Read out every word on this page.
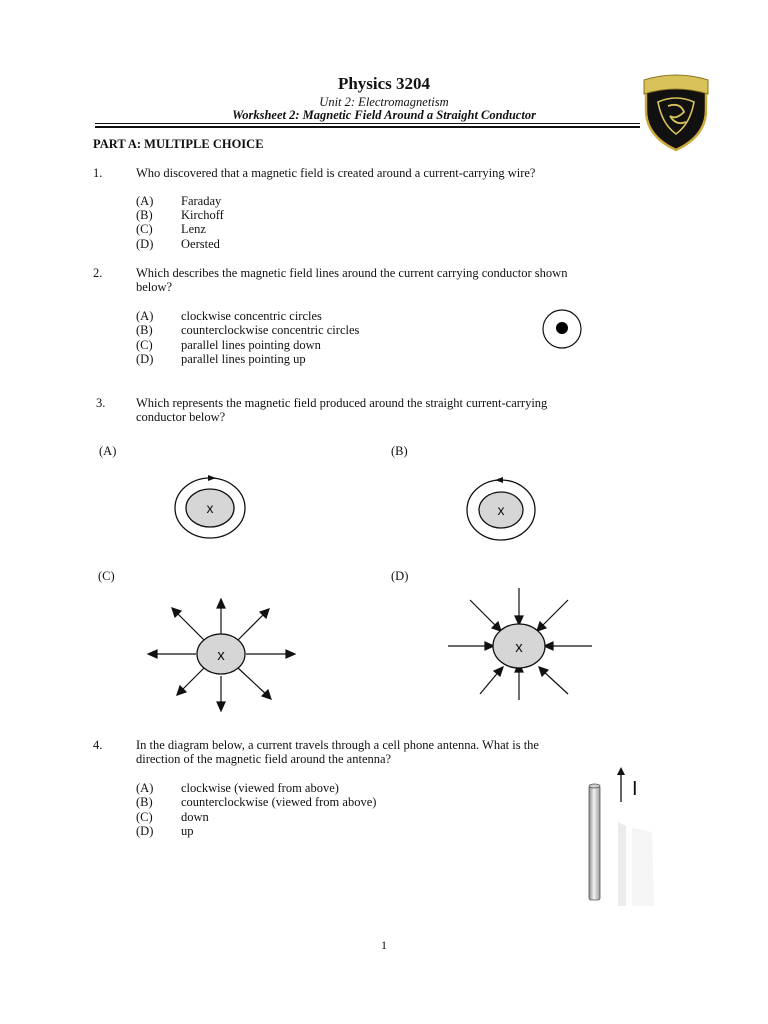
Physics 3204
Unit 2: Electromagnetism
Worksheet 2: Magnetic Field Around a Straight Conductor
PART A: MULTIPLE CHOICE
1.	Who discovered that a magnetic field is created around a current-carrying wire?
(A) Faraday
(B) Kirchoff
(C) Lenz
(D) Oersted
2.	Which describes the magnetic field lines around the current carrying conductor shown
below?
(A) clockwise concentric circles
(B) counterclockwise concentric circles
(C) parallel lines pointing down
(D) parallel lines pointing up
3. Which represents the magnetic field produced around the straight current-carrying
conductor below?
(A)	(B)
(C)	(D)
x	x
x	x
4.	In the diagram below, a current travels through a cell phone antenna. What is the
direction of the magnetic field around the antenna?
(A) clockwise (viewed from above)
(B) counterclockwise (viewed from above)
(C) down
(D) up
I
1
